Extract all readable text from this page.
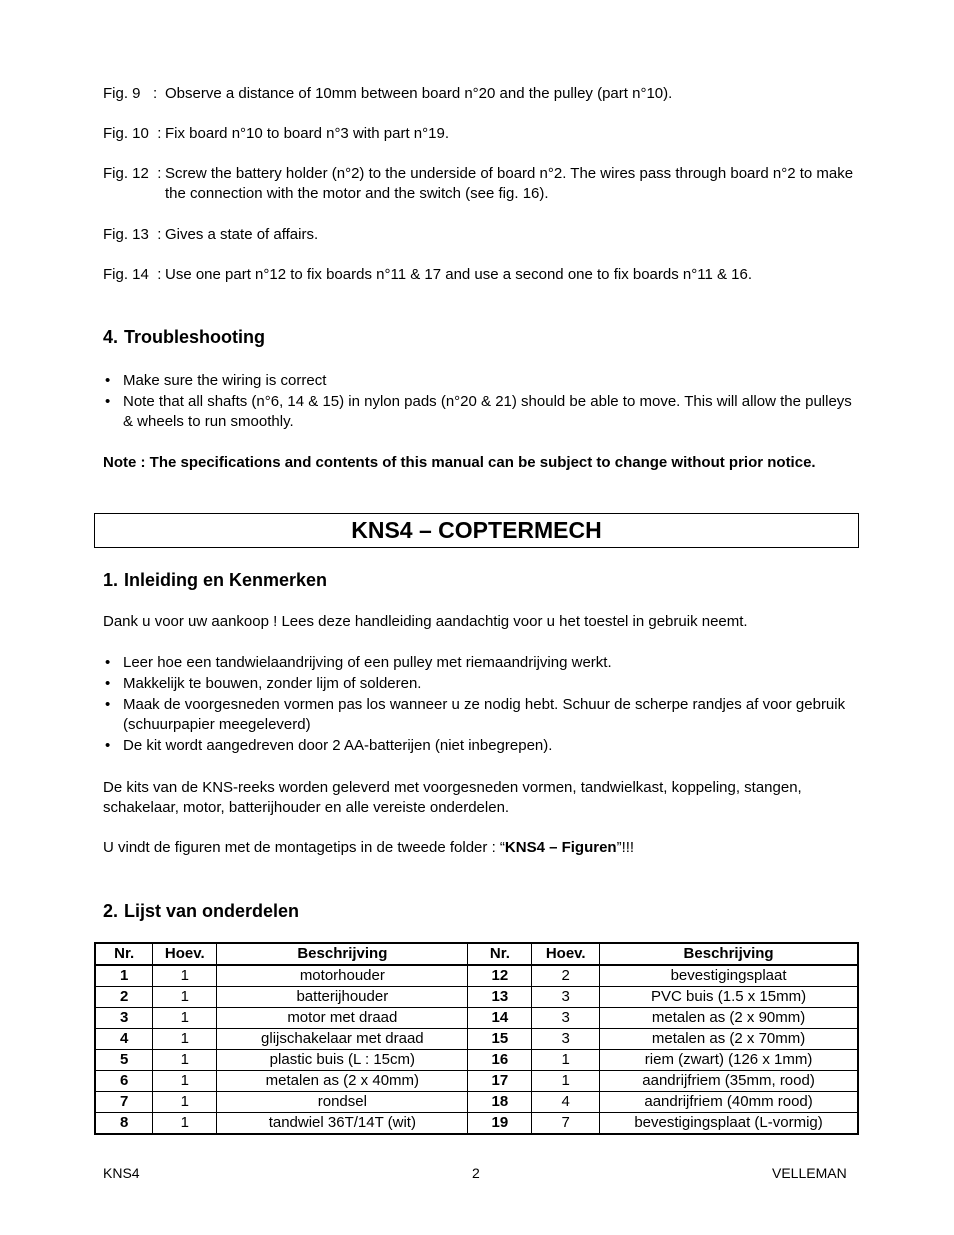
Fig. 9   : Observe a distance of 10mm between board n°20 and the pulley (part n°10).
Fig. 10  : Fix board n°10 to board n°3 with part n°19.
Fig. 12  : Screw the battery holder (n°2) to the underside of board n°2. The wires pass through board n°2 to make the connection with the motor and the switch (see fig. 16).
Fig. 13  : Gives a state of affairs.
Fig. 14  : Use one part n°12 to fix boards n°11 & 17 and use a second one to fix boards n°11 & 16.
4. Troubleshooting
• Make sure the wiring is correct
• Note that all shafts (n°6, 14 & 15) in nylon pads (n°20 & 21) should be able to move. This will allow the pulleys & wheels to run smoothly.
Note : The specifications and contents of this manual can be subject to change without prior notice.
KNS4 – COPTERMECH
1. Inleiding en Kenmerken
Dank u voor uw aankoop ! Lees deze handleiding aandachtig voor u het toestel in gebruik neemt.
• Leer hoe een tandwielaandrijving of een pulley met riemaandrijving werkt.
• Makkelijk te bouwen, zonder lijm of solderen.
• Maak de voorgesneden vormen pas los wanneer u ze nodig hebt. Schuur de scherpe randjes af voor gebruik (schuurpapier meegeleverd)
• De kit wordt aangedreven door 2 AA-batterijen (niet inbegrepen).
De kits van de KNS-reeks worden geleverd met voorgesneden vormen, tandwielkast, koppeling, stangen, schakelaar, motor, batterijhouder en alle vereiste onderdelen.
U vindt de figuren met de montagetips in de tweede folder : “KNS4 – Figuren”!!!
2. Lijst van onderdelen
Nr.	Hoev.	Beschrijving	Nr.	Hoev.	Beschrijving
1	1	motorhouder	12	2	bevestigingsplaat
2	1	batterijhouder	13	3	PVC buis (1.5 x 15mm)
3	1	motor met draad	14	3	metalen as (2 x 90mm)
4	1	glijschakelaar met draad	15	3	metalen as (2 x 70mm)
5	1	plastic buis (L : 15cm)	16	1	riem (zwart) (126 x 1mm)
6	1	metalen as (2 x 40mm)	17	1	aandrijfriem (35mm, rood)
7	1	rondsel	18	4	aandrijfriem (40mm rood)
8	1	tandwiel 36T/14T (wit)	19	7	bevestigingsplaat (L-vormig)
KNS4	2	VELLEMAN
